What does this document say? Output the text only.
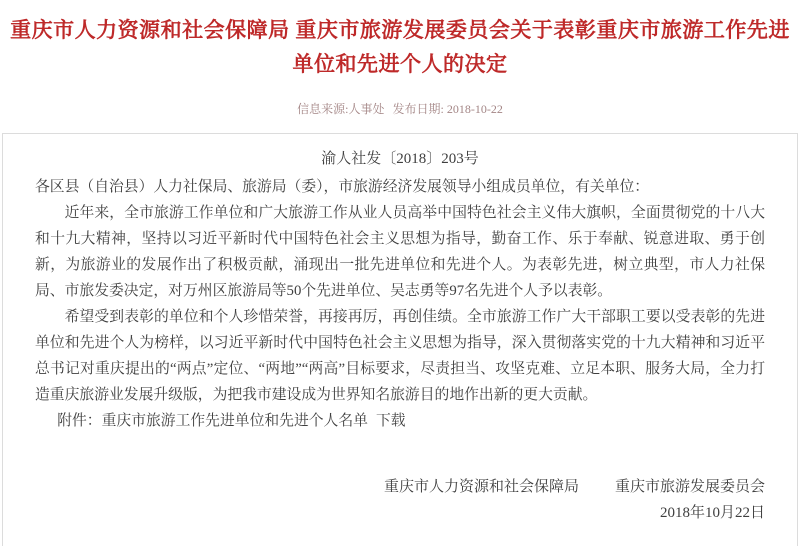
重庆市人力资源和社会保障局 重庆市旅游发展委员会关于表彰重庆市旅游工作先进单位和先进个人的决定
信息来源:人事处 发布日期: 2018-10-22
渝人社发〔2018〕203号

各区县（自治县）人力社保局、旅游局（委），市旅游经济发展领导小组成员单位，有关单位：

近年来，全市旅游工作单位和广大旅游工作从业人员高举中国特色社会主义伟大旗帜，全面贯彻党的十八大和十九大精神，坚持以习近平新时代中国特色社会主义思想为指导，勤奋工作、乐于奉献、锐意进取、勇于创新，为旅游业的发展作出了积极贡献，涌现出一批先进单位和先进个人。为表彰先进，树立典型，市人力社保局、市旅发委决定，对万州区旅游局等50个先进单位、吴志勇等97名先进个人予以表彰。

希望受到表彰的单位和个人珍惜荣誉，再接再厉，再创佳绩。全市旅游工作广大干部职工要以受表彰的先进单位和先进个人为榜样，以习近平新时代中国特色社会主义思想为指导，深入贯彻落实党的十九大精神和习近平总书记对重庆提出的“两点”定位、“两地”“两高”目标要求，尽责担当、攻坚克难、立足本职、服务大局，全力打造重庆旅游业发展升级版，为把我市建设成为世界知名旅游目的地作出新的更大贡献。

附件：重庆市旅游工作先进单位和先进个人名单 下载

重庆市人力资源和社会保障局 重庆市旅游发展委员会
2018年10月22日
